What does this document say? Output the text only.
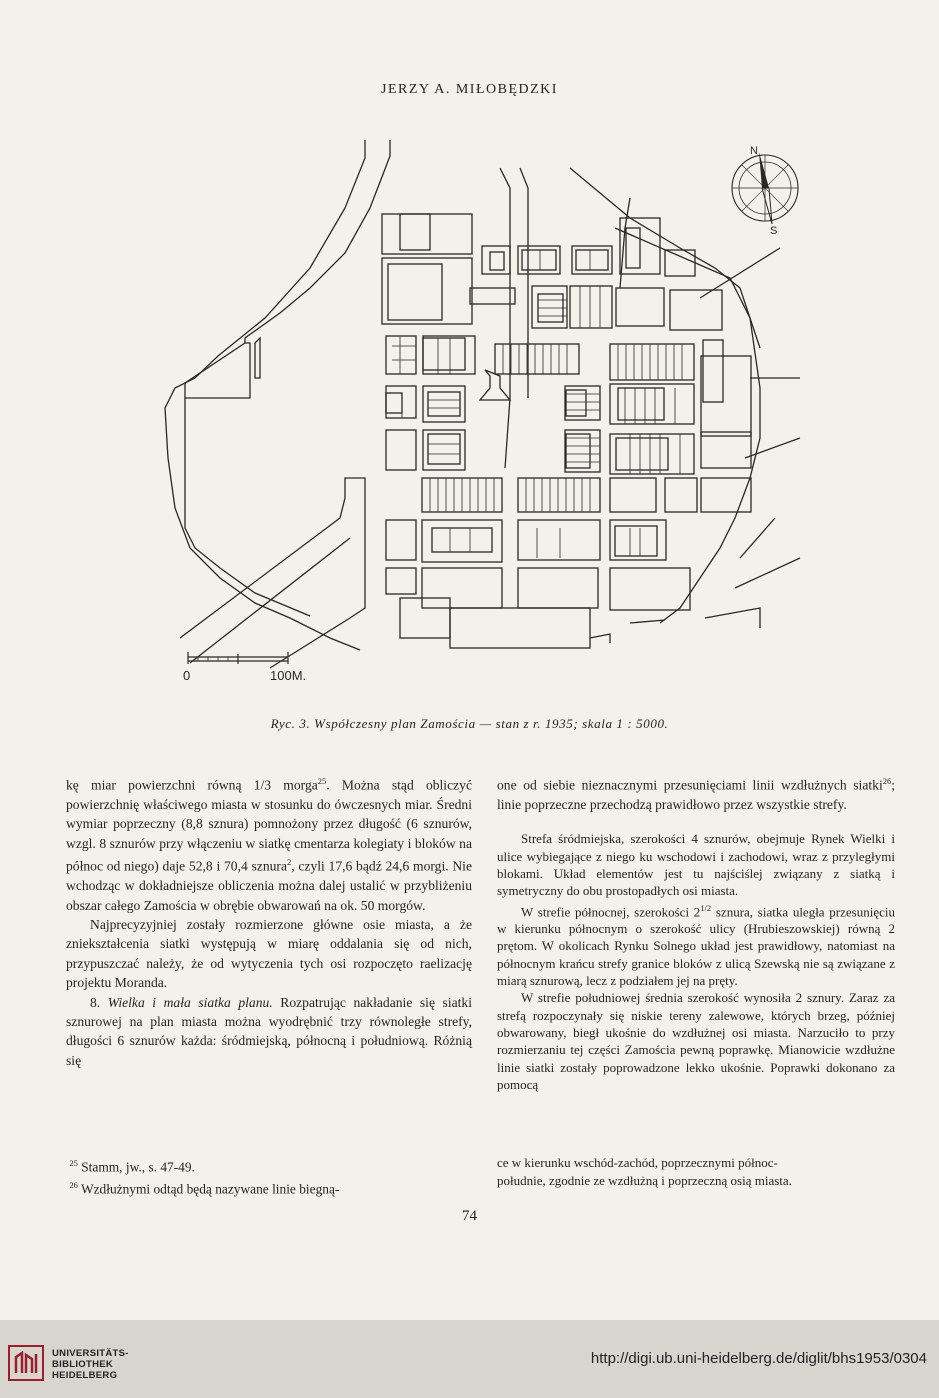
JERZY A. MIŁOBĘDZKI
N
S
0	100M.
Ryc. 3. Współczesny plan Zamościa — stan z r. 1935; skala 1 : 5000.

kę miar powierzchni równą 1/3 morga$^{25}$. Można stąd obliczyć powierzchnię właściwego miasta w stosunku do ówczesnych miar. Średni wymiar poprzeczny (8,8 sznura) pomnożony przez długość (6 sznurów, wzgl. 8 sznurów przy włączeniu w siatkę cmentarza kolegiaty i bloków na północ od niego) daje 52,8 i 70,4 sznura$^2$, czyli 17,6 bądź 24,6 morgi. Nie wchodząc w dokładniejsze obliczenia można dalej ustalić w przybliżeniu obszar całego Zamościa w obrębie obwarowań na ok. 50 morgów.

Najprecyzyjniej zostały rozmierzone główne osie miasta, a że zniekształcenia siatki występują w miarę oddalania się od nich, przypuszczać należy, że od wytyczenia tych osi rozpoczęto raelizację projektu Moranda.

8. Wielka i mała siatka planu. Rozpatrując nakładanie się siatki sznurowej na plan miasta można wyodrębnić trzy równoległe strefy, długości 6 sznurów każda: śródmiejską, północną i południową. Różnią się

one od siebie nieznacznymi przesunięciami linii wzdłużnych siatki$^{26}$; linie poprzeczne przechodzą prawidłowo przez wszystkie strefy.

Strefa śródmiejska, szerokości 4 sznurów, obejmuje Rynek Wielki i ulice wybiegające z niego ku wschodowi i zachodowi, wraz z przyległymi blokami. Układ elementów jest tu najściślej związany z siatką i symetryczny do obu prostopadłych osi miasta.

W strefie północnej, szerokości $2^{1/2}$ sznura, siatka uległa przesunięciu w kierunku północnym o szerokość ulicy (Hrubieszowskiej) równą 2 prętom. W okolicach Rynku Solnego układ jest prawidłowy, natomiast na północnym krańcu strefy granice bloków z ulicą Szewską nie są związane z miarą sznurową, lecz z podziałem jej na pręty.

W strefie południowej średnia szerokość wynosiła 2 sznury. Zaraz za strefą rozpoczynały się niskie tereny zalewowe, których brzeg, później obwarowany, biegł ukośnie do wzdłużnej osi miasta. Narzuciło to przy rozmierzaniu tej części Zamościa pewną poprawkę. Mianowicie wzdłużne linie siatki zostały poprowadzone lekko ukośnie. Poprawki dokonano za pomocą

$^{25}$ Stamm, jw., s. 47-49.

$^{26}$ Wzdłużnymi odtąd będą nazywane linie biegną-

ce w kierunku wschód-zachód, poprzecznymi północ-

południe, zgodnie ze wzdłużną i poprzeczną osią miasta.

74
UNIVERSITÄTS-
BIBLIOTHEK
HEIDELBERG
http://digi.ub.uni-heidelberg.de/diglit/bhs1953/0304
